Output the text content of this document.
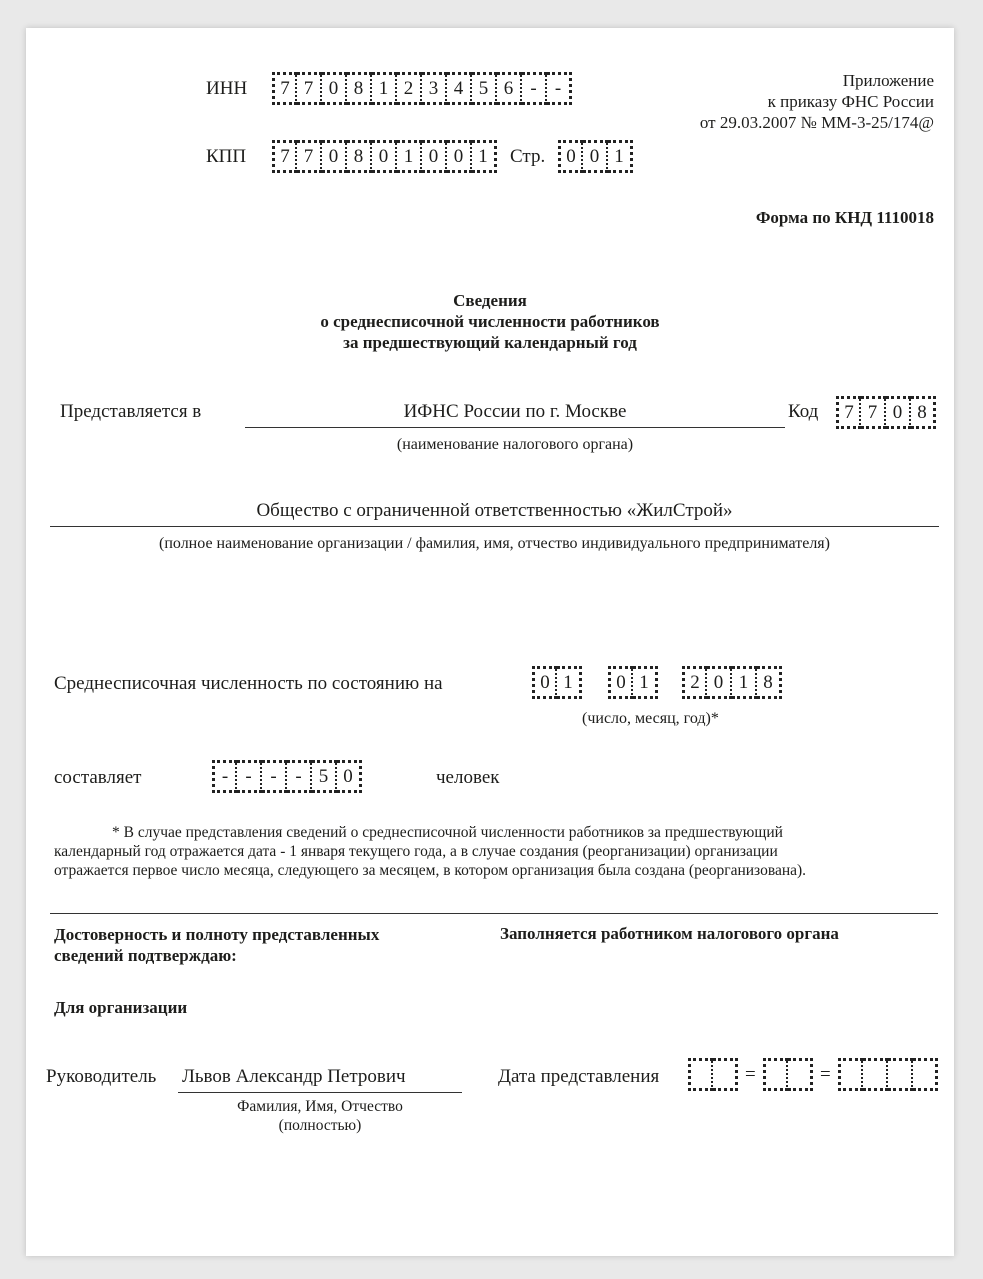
ИНН	7 7 0 8 1 2 3 4 5 6 - -
КПП	7 7 0 8 0 1 0 0 1	Стр.	0 0 1
Приложение
к приказу ФНС России
от 29.03.2007 № ММ-3-25/174@
Форма по КНД 1110018
Сведения
о среднесписочной численности работников
за предшествующий календарный год
Представляется в	ИФНС России по г. Москве
(наименование налогового органа)
Код	7 7 0 8
Общество с ограниченной ответственностью «ЖилСтрой»
(полное наименование организации / фамилия, имя, отчество индивидуального предпринимателя)
Среднесписочная численность по состоянию на	0 1	0 1	2 0 1 8
(число, месяц, год)*
составляет	- - - - 5 0	человек
* В случае представления сведений о среднесписочной численности работников за предшествующий
календарный год отражается дата - 1 января текущего года, а в случае создания (реорганизации) организации
отражается первое число месяца, следующего за месяцем, в котором организация была создана (реорганизована).
Достоверность и полноту представленных
сведений подтверждаю:
Заполняется работником налогового органа
Для организации
Руководитель Львов Александр Петрович
Фамилия, Имя, Отчество
(полностью)
Дата представления	=	=
